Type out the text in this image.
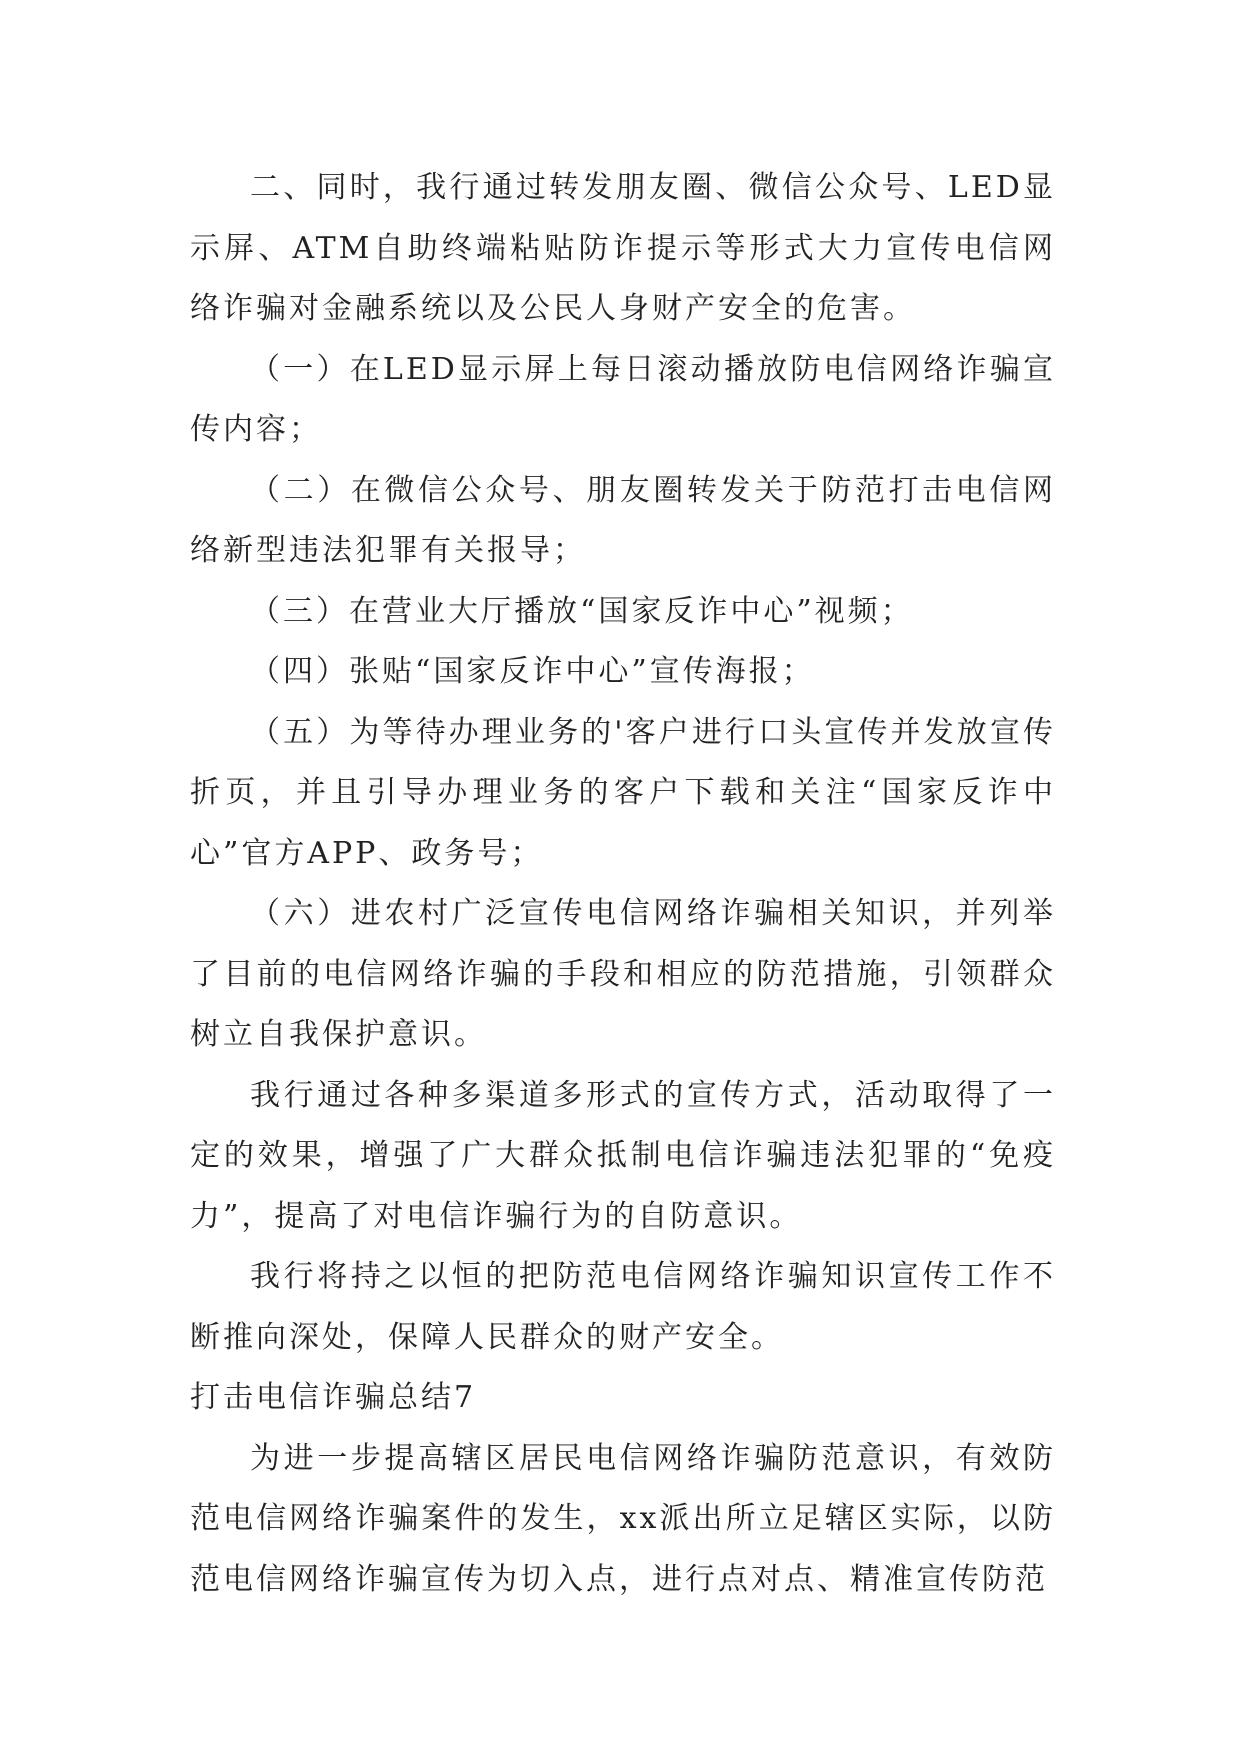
二、同时，我行通过转发朋友圈、微信公众号、LED显示屏、ATM自助终端粘贴防诈提示等形式大力宣传电信网络诈骗对金融系统以及公民人身财产安全的危害。

（一）在LED显示屏上每日滚动播放防电信网络诈骗宣传内容；

（二）在微信公众号、朋友圈转发关于防范打击电信网络新型违法犯罪有关报导；

（三）在营业大厅播放“国家反诈中心”视频；

（四）张贴“国家反诈中心”宣传海报；

（五）为等待办理业务的'客户进行口头宣传并发放宣传折页，并且引导办理业务的客户下载和关注“国家反诈中心”官方APP、政务号；

（六）进农村广泛宣传电信网络诈骗相关知识，并列举了目前的电信网络诈骗的手段和相应的防范措施，引领群众树立自我保护意识。

我行通过各种多渠道多形式的宣传方式，活动取得了一定的效果，增强了广大群众抵制电信诈骗违法犯罪的“免疫力”，提高了对电信诈骗行为的自防意识。

我行将持之以恒的把防范电信网络诈骗知识宣传工作不断推向深处，保障人民群众的财产安全。

打击电信诈骗总结7

为进一步提高辖区居民电信网络诈骗防范意识，有效防范电信网络诈骗案件的发生，xx派出所立足辖区实际，以防范电信网络诈骗宣传为切入点，进行点对点、精准宣传防范
